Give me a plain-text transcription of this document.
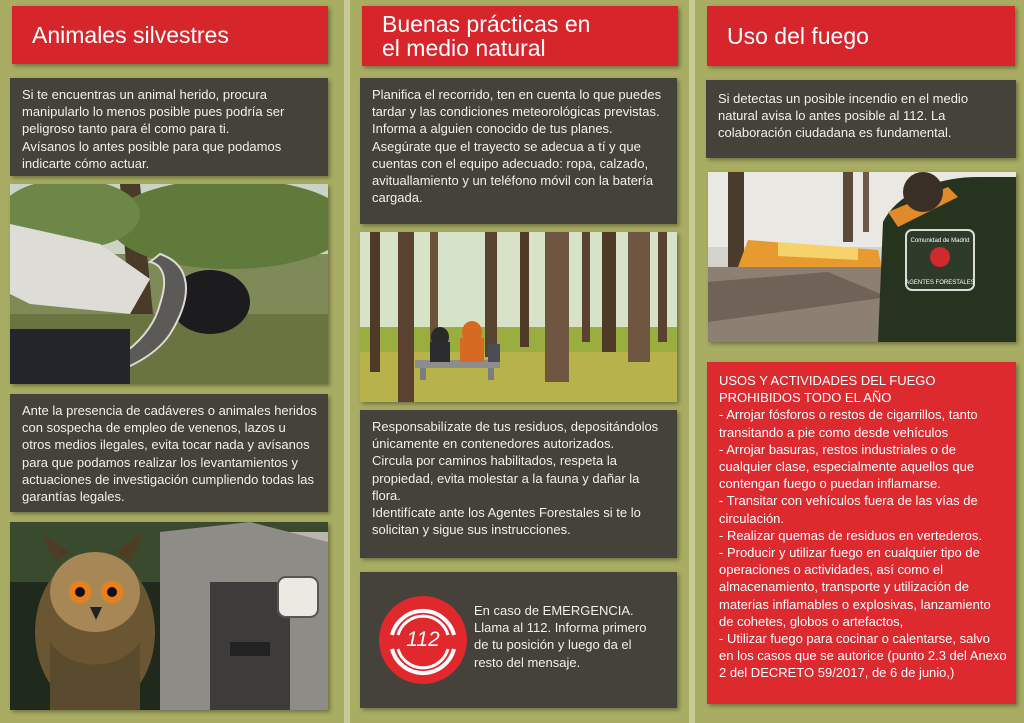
Animales silvestres

Si te encuentras un animal herido, procura manipularlo lo menos posible pues podría ser peligroso tanto para él como para ti.

Avísanos lo antes posible para que podamos indicarte cómo actuar.

Ante la presencia de cadáveres o animales heridos con sospecha de empleo de venenos, lazos u otros medios ilegales, evita tocar nada y avísanos para que podamos realizar los levantamientos y actuaciones de investigación cumpliendo todas las garantías legales.

Buenas prácticas en
el medio natural

Planifica el recorrido, ten en cuenta lo que puedes tardar y las condiciones meteorológicas previstas. Informa a alguien conocido de tus planes.

Asegúrate que el trayecto se adecua a tí y que cuentas con el equipo adecuado: ropa, calzado, avituallamiento y un teléfono móvil con la batería cargada.

Responsabilízate de tus residuos, depositándolos únicamente en contenedores autorizados.

Circula por caminos habilitados, respeta la propiedad, evita molestar a la fauna y dañar la flora.

Identifícate ante los Agentes Forestales si te lo solicitan y sigue sus instrucciones.

112

En caso de EMERGENCIA. Llama al 112. Informa primero de tu posición y luego da el resto del mensaje.

Uso del fuego

Si detectas un posible incendio en el medio natural avisa lo antes posible al 112. La colaboración ciudadana es fundamental.

Comunidad de Madrid
AGENTES FORESTALES

USOS Y ACTIVIDADES DEL FUEGO PROHIBIDOS TODO EL AÑO

- Arrojar fósforos o restos de cigarrillos, tanto transitando a pie como desde vehículos

- Arrojar basuras, restos industriales o de cualquier clase, especialmente aquellos que contengan fuego o puedan inflamarse.

- Transitar con vehículos fuera de las vías de circulación.

- Realizar quemas de residuos en vertederos.

- Producir y utilizar fuego en cualquier tipo de operaciones o actividades, así como el almacenamiento, transporte y utilización de materias inflamables o explosivas, lanzamiento de cohetes, globos o artefactos,

- Utilizar fuego para cocinar o calentarse, salvo en los casos que se autorice (punto 2.3 del Anexo 2 del DECRETO 59/2017, de 6 de junio,)
